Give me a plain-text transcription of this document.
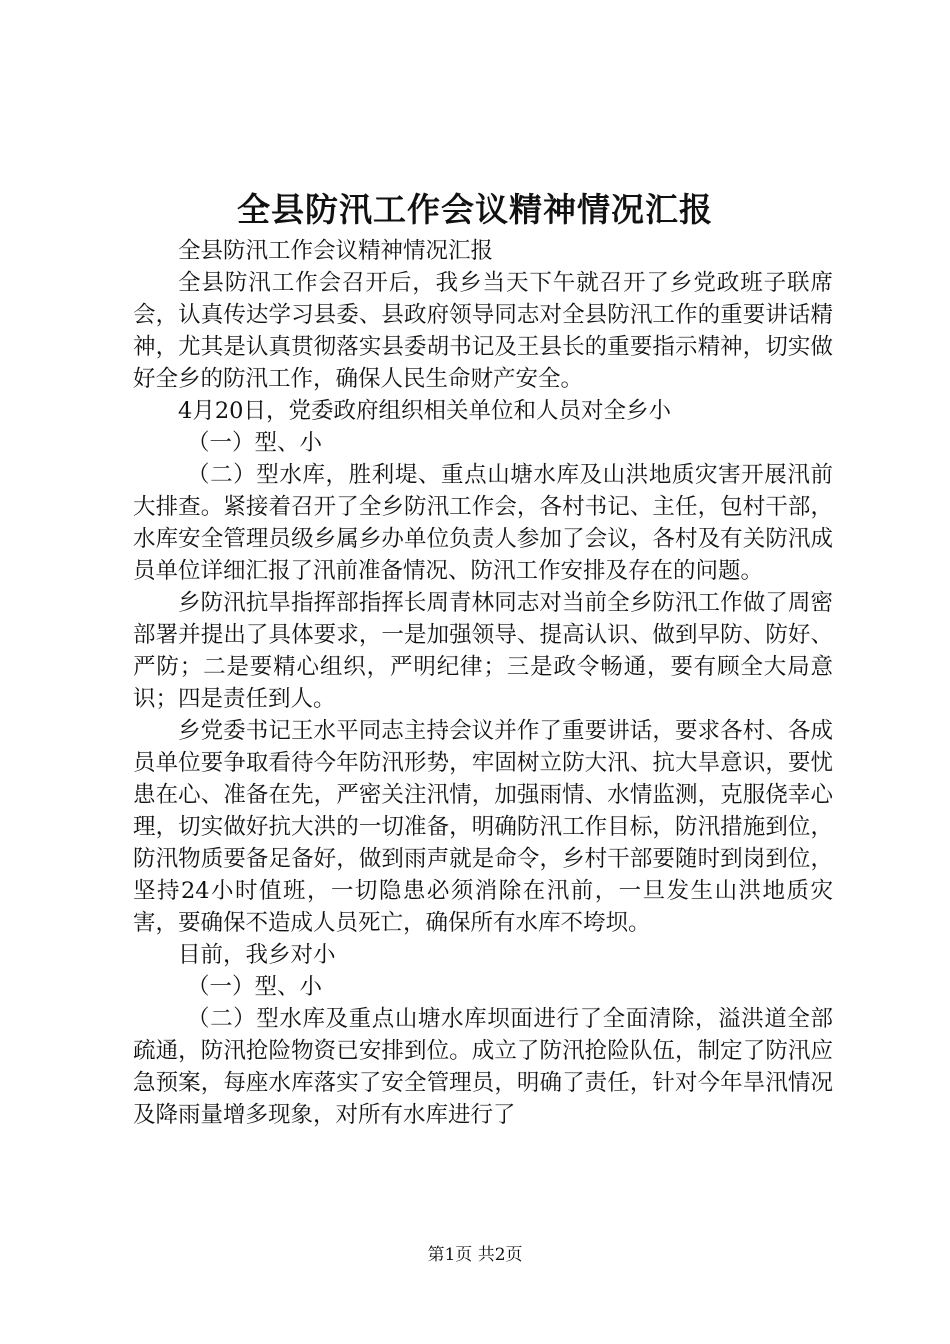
全县防汛工作会议精神情况汇报

全县防汛工作会议精神情况汇报

全县防汛工作会召开后，我乡当天下午就召开了乡党政班子联席会，认真传达学习县委、县政府领导同志对全县防汛工作的重要讲话精神，尤其是认真贯彻落实县委胡书记及王县长的重要指示精神，切实做好全乡的防汛工作，确保人民生命财产安全。

4月20日，党委政府组织相关单位和人员对全乡小

（一）型、小

（二）型水库，胜利堤、重点山塘水库及山洪地质灾害开展汛前大排查。紧接着召开了全乡防汛工作会，各村书记、主任，包村干部，水库安全管理员级乡属乡办单位负责人参加了会议，各村及有关防汛成员单位详细汇报了汛前准备情况、防汛工作安排及存在的问题。

乡防汛抗旱指挥部指挥长周青林同志对当前全乡防汛工作做了周密部署并提出了具体要求，一是加强领导、提高认识、做到早防、防好、严防；二是要精心组织，严明纪律；三是政令畅通，要有顾全大局意识；四是责任到人。

乡党委书记王水平同志主持会议并作了重要讲话，要求各村、各成员单位要争取看待今年防汛形势，牢固树立防大汛、抗大旱意识，要忧患在心、准备在先，严密关注汛情，加强雨情、水情监测，克服侥幸心理，切实做好抗大洪的一切准备，明确防汛工作目标，防汛措施到位，防汛物质要备足备好，做到雨声就是命令，乡村干部要随时到岗到位，坚持24小时值班，一切隐患必须消除在汛前，一旦发生山洪地质灾害，要确保不造成人员死亡，确保所有水库不垮坝。

目前，我乡对小

（一）型、小

（二）型水库及重点山塘水库坝面进行了全面清除，溢洪道全部疏通，防汛抢险物资已安排到位。成立了防汛抢险队伍，制定了防汛应急预案，每座水库落实了安全管理员，明确了责任，针对今年旱汛情况及降雨量增多现象，对所有水库进行了

第1页 共2页
